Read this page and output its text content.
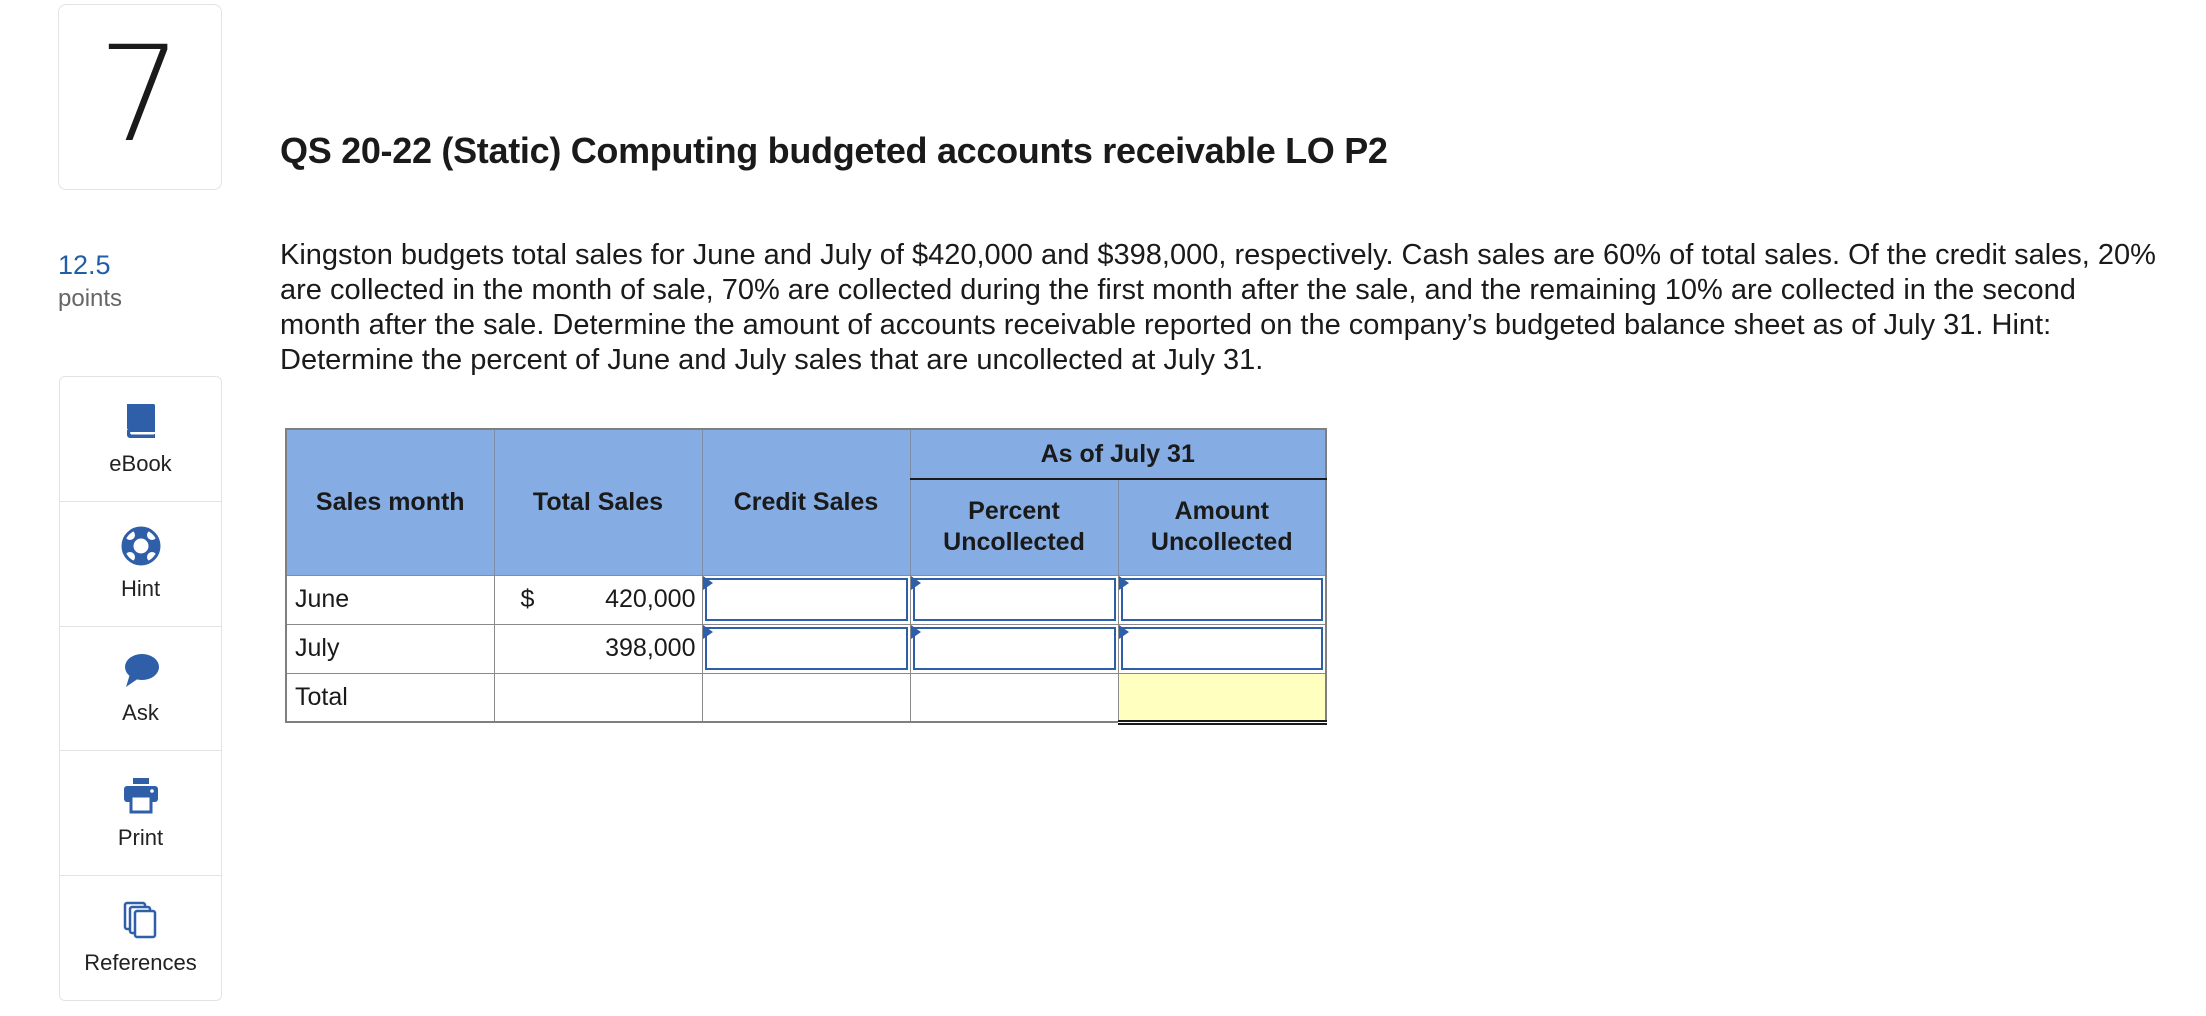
7
12.5
points
eBook
Hint
Ask
Print
References
QS 20-22 (Static) Computing budgeted accounts receivable LO P2
Kingston budgets total sales for June and July of $420,000 and $398,000, respectively. Cash sales are 60% of total sales. Of the credit sales, 20% are collected in the month of sale, 70% are collected during the first month after the sale, and the remaining 10% are collected in the second month after the sale. Determine the amount of accounts receivable reported on the company’s budgeted balance sheet as of July 31. Hint: Determine the percent of June and July sales that are uncollected at July 31.
Sales month	Total Sales	Credit Sales	As of July 31	
			Percent Uncollected	Amount Uncollected
June	$ 420,000

July	398,000	

Total				
